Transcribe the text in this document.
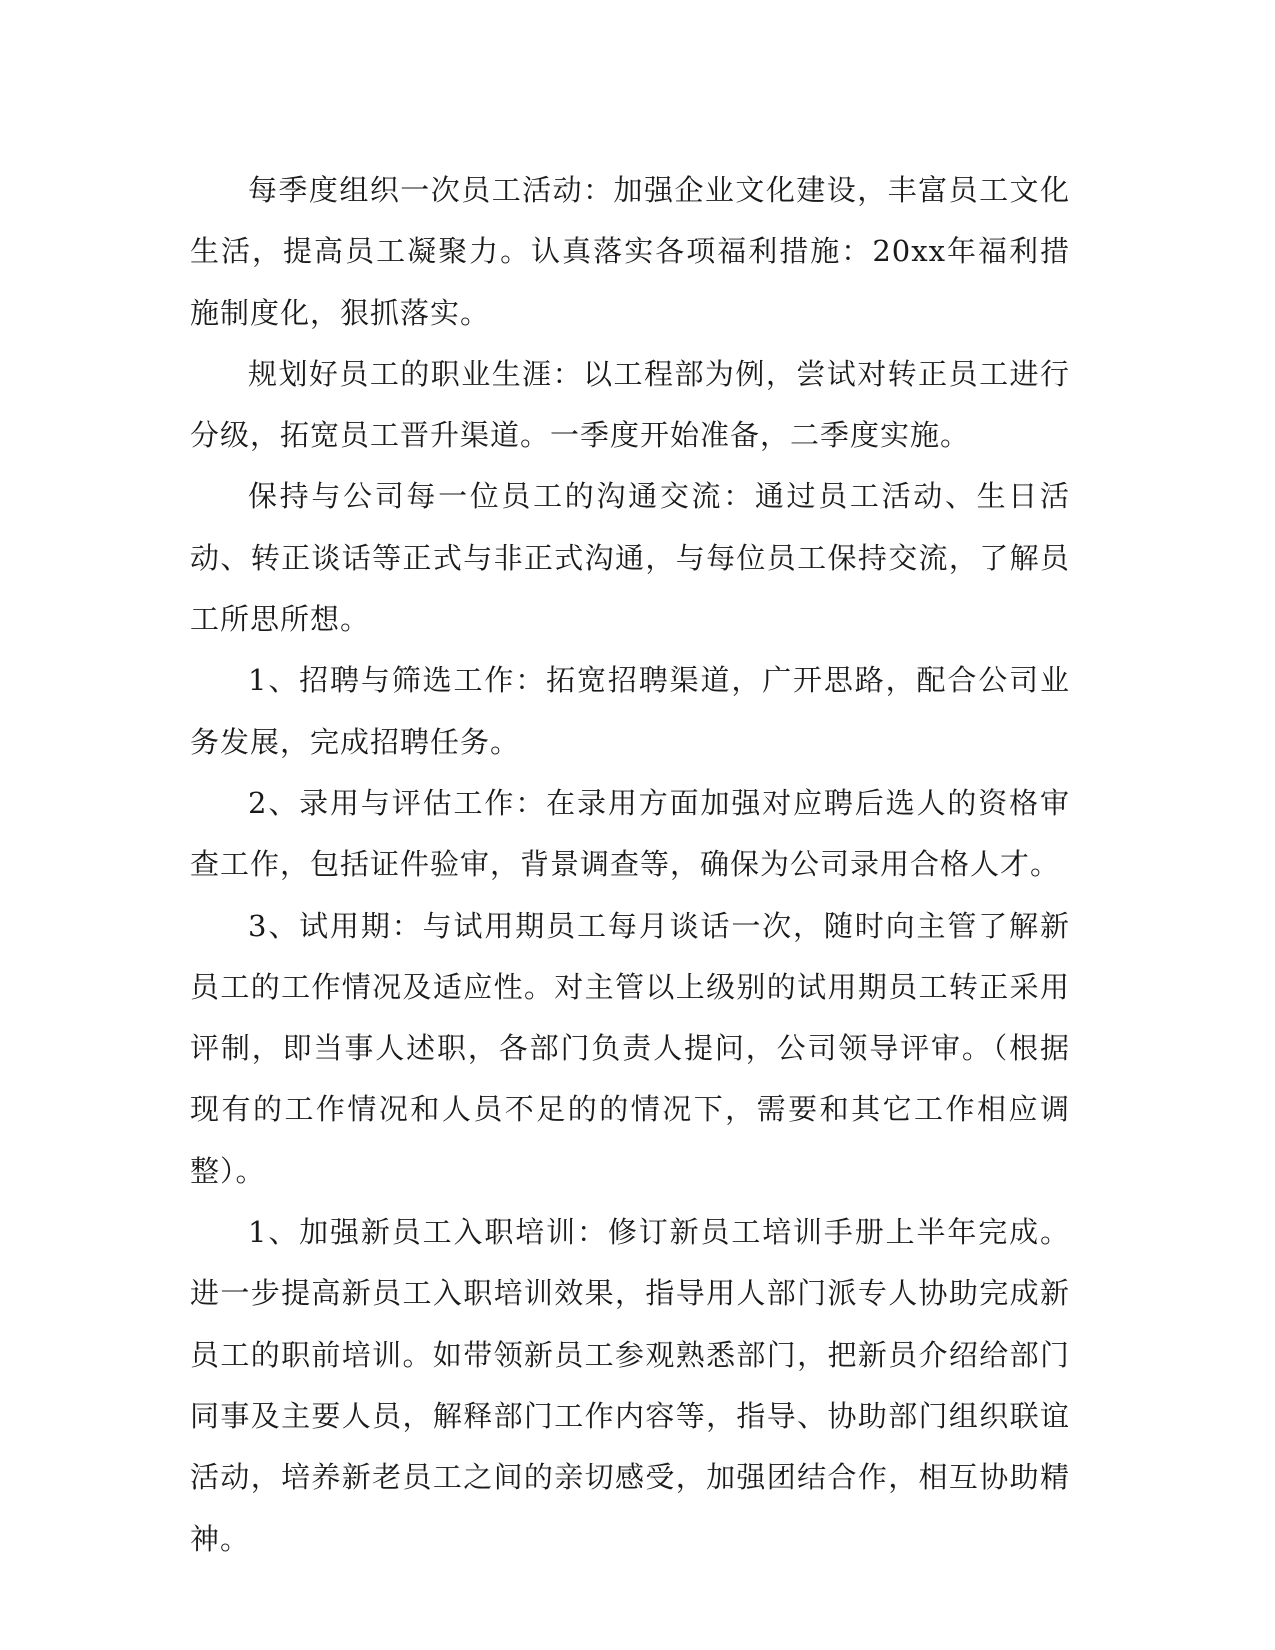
每季度组织一次员工活动：加强企业文化建设，丰富员工文化生活，提高员工凝聚力。认真落实各项福利措施：20xx年福利措施制度化，狠抓落实。

规划好员工的职业生涯：以工程部为例，尝试对转正员工进行分级，拓宽员工晋升渠道。一季度开始准备，二季度实施。

保持与公司每一位员工的沟通交流：通过员工活动、生日活动、转正谈话等正式与非正式沟通，与每位员工保持交流，了解员工所思所想。

1、招聘与筛选工作：拓宽招聘渠道，广开思路，配合公司业务发展，完成招聘任务。

2、录用与评估工作：在录用方面加强对应聘后选人的资格审查工作，包括证件验审，背景调查等，确保为公司录用合格人才。

3、试用期：与试用期员工每月谈话一次，随时向主管了解新员工的工作情况及适应性。对主管以上级别的试用期员工转正采用评制，即当事人述职，各部门负责人提问，公司领导评审。（根据现有的工作情况和人员不足的的情况下，需要和其它工作相应调整）。

1、加强新员工入职培训：修订新员工培训手册上半年完成。进一步提高新员工入职培训效果，指导用人部门派专人协助完成新员工的职前培训。如带领新员工参观熟悉部门，把新员介绍给部门同事及主要人员，解释部门工作内容等，指导、协助部门组织联谊活动，培养新老员工之间的亲切感受，加强团结合作，相互协助精神。
